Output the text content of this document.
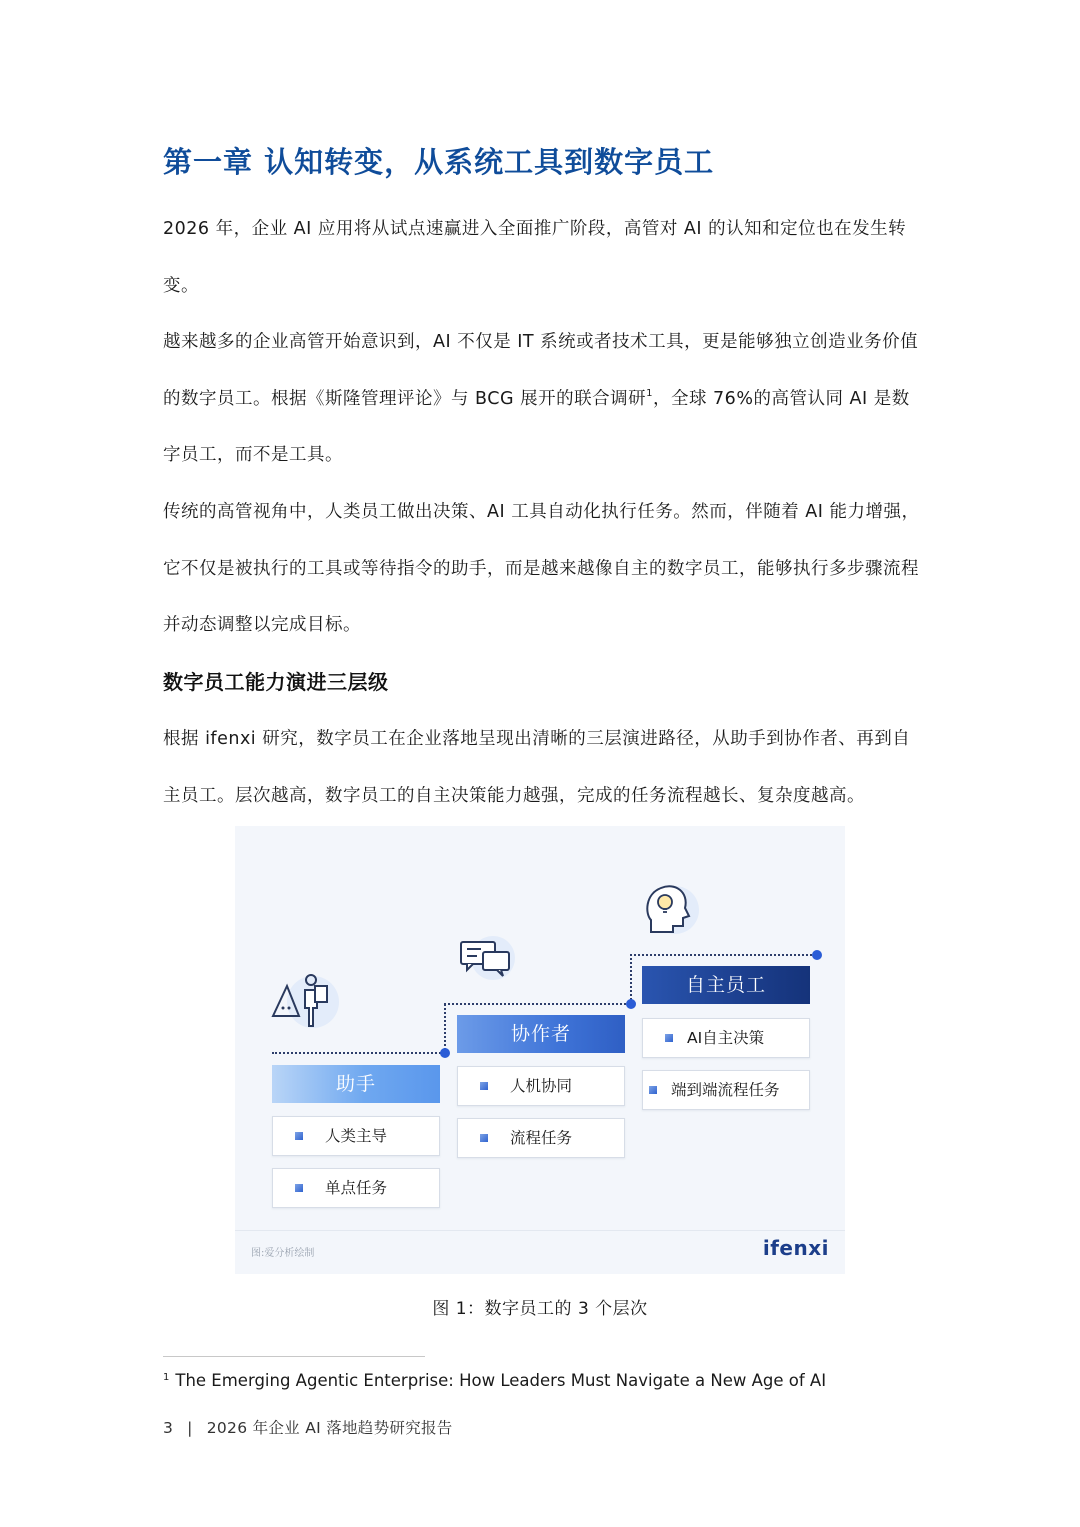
第一章 认知转变，从系统工具到数字员工

2026 年，企业 AI 应用将从试点速赢进入全面推广阶段，高管对 AI 的认知和定位也在发生转变。

越来越多的企业高管开始意识到，AI 不仅是 IT 系统或者技术工具，更是能够独立创造业务价值的数字员工。根据《斯隆管理评论》与 BCG 展开的联合调研$^1$，全球 76%的高管认同 AI 是数字员工，而不是工具。

传统的高管视角中，人类员工做出决策、AI 工具自动化执行任务。然而，伴随着 AI 能力增强，它不仅是被执行的工具或等待指令的助手，而是越来越像自主的数字员工，能够执行多步骤流程并动态调整以完成目标。

数字员工能力演进三层级

根据 ifenxi 研究，数字员工在企业落地呈现出清晰的三层演进路径，从助手到协作者、再到自主员工。层次越高，数字员工的自主决策能力越强，完成的任务流程越长、复杂度越高。

助手
人类主导
单点任务
协作者
人机协同
流程任务
自主员工
AI自主决策
端到端流程任务
图:爱分析绘制	ifenxi
图 1：数字员工的 3 个层次
$^1$ The Emerging Agentic Enterprise: How Leaders Must Navigate a New Age of AI
3 | 2026 年企业 AI 落地趋势研究报告
